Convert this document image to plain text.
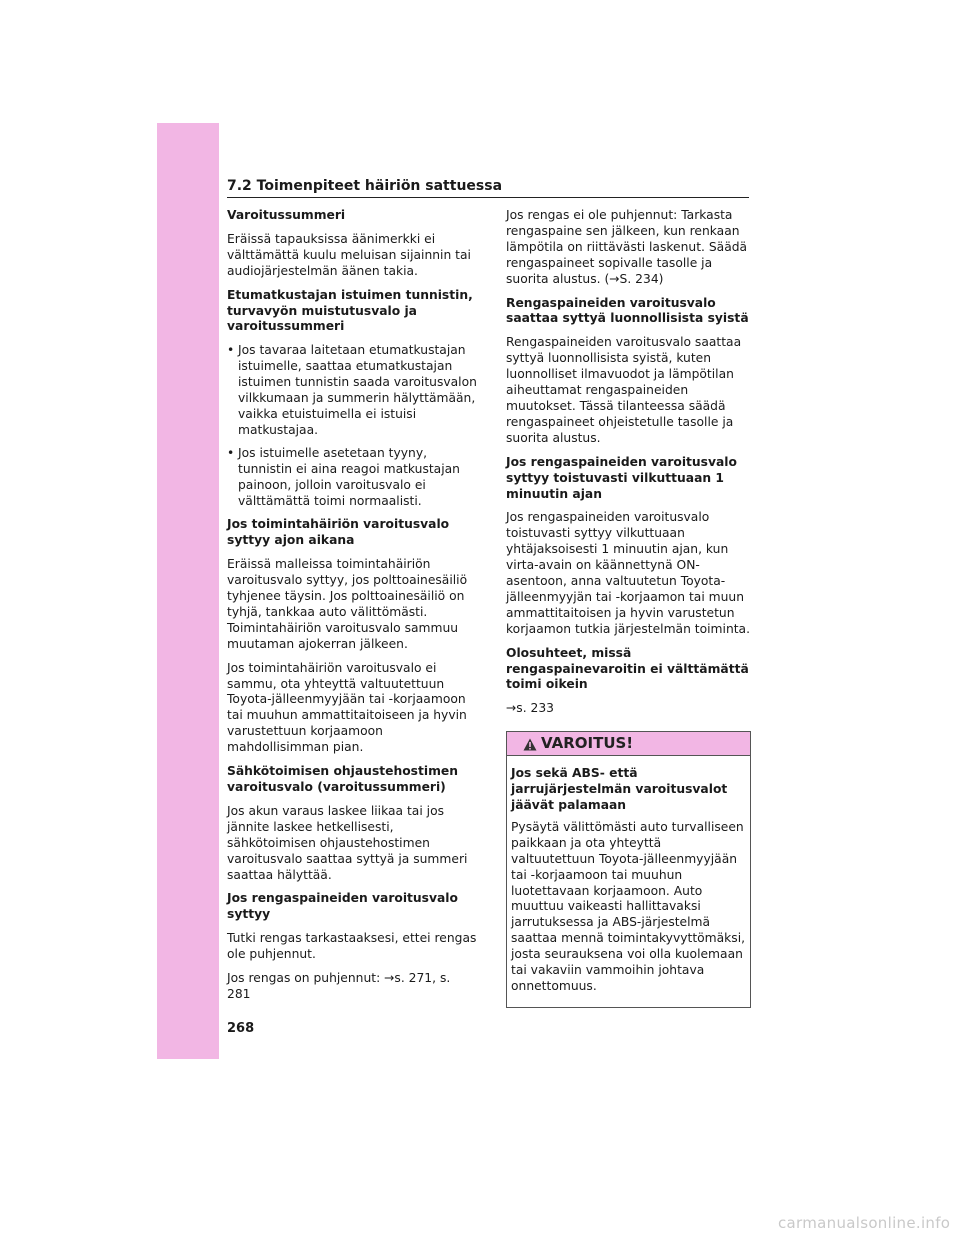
7.2 Toimenpiteet häiriön sattuessa

Varoitussummeri

Eräissä tapauksissa äänimerkki ei välttämättä kuulu meluisan sijainnin tai audiojärjestelmän äänen takia.

Etumatkustajan istuimen tunnistin, turvavyön muistutusvalo ja varoitussummeri

• Jos tavaraa laitetaan etumatkustajan istuimelle, saattaa etumatkustajan istuimen tunnistin saada varoitusvalon vilkkumaan ja summerin hälyttämään, vaikka etuistuimella ei istuisi matkustajaa.
• Jos istuimelle asetetaan tyyny, tunnistin ei aina reagoi matkustajan painoon, jolloin varoitusvalo ei välttämättä toimi normaalisti.

Jos toimintahäiriön varoitusvalo syttyy ajon aikana

Eräissä malleissa toimintahäiriön varoitusvalo syttyy, jos polttoainesäiliö tyhjenee täysin. Jos polttoainesäiliö on tyhjä, tankkaa auto välittömästi. Toimintahäiriön varoitusvalo sammuu muutaman ajokerran jälkeen.

Jos toimintahäiriön varoitusvalo ei sammu, ota yhteyttä valtuutettuun Toyota-jälleenmyyjään tai -korjaamoon tai muuhun ammattitaitoiseen ja hyvin varustettuun korjaamoon mahdollisimman pian.

Sähkötoimisen ohjaustehostimen varoitusvalo (varoitussummeri)

Jos akun varaus laskee liikaa tai jos jännite laskee hetkellisesti, sähkötoimisen ohjaustehostimen varoitusvalo saattaa syttyä ja summeri saattaa hälyttää.

Jos rengaspaineiden varoitusvalo syttyy

Tutki rengas tarkastaaksesi, ettei rengas ole puhjennut.

Jos rengas on puhjennut: →s. 271, s. 281

Jos rengas ei ole puhjennut: Tarkasta rengaspaine sen jälkeen, kun renkaan lämpötila on riittävästi laskenut. Säädä rengaspaineet sopivalle tasolle ja suorita alustus. (→S. 234)

Rengaspaineiden varoitusvalo saattaa syttyä luonnollisista syistä

Rengaspaineiden varoitusvalo saattaa syttyä luonnollisista syistä, kuten luonnolliset ilmavuodot ja lämpötilan aiheuttamat rengaspaineiden muutokset. Tässä tilanteessa säädä rengaspaineet ohjeistetulle tasolle ja suorita alustus.

Jos rengaspaineiden varoitusvalo syttyy toistuvasti vilkuttuaan 1 minuutin ajan

Jos rengaspaineiden varoitusvalo toistuvasti syttyy vilkuttuaan yhtäjaksoisesti 1 minuutin ajan, kun virta-avain on käännettynä ON-asentoon, anna valtuutetun Toyota-jälleenmyyjän tai -korjaamon tai muun ammattitaitoisen ja hyvin varustetun korjaamon tutkia järjestelmän toiminta.

Olosuhteet, missä rengaspainevaroitin ei välttämättä toimi oikein

→s. 233

VAROITUS!

Jos sekä ABS- että jarrujärjestelmän varoitusvalot jäävät palamaan

Pysäytä välittömästi auto turvalliseen paikkaan ja ota yhteyttä valtuutettuun Toyota-jälleenmyyjään tai -korjaamoon tai muuhun luotettavaan korjaamoon. Auto muuttuu vaikeasti hallittavaksi jarrutuksessa ja ABS-järjestelmä saattaa mennä toimintakyvyttömäksi, josta seurauksena voi olla kuolemaan tai vakaviin vammoihin johtava onnettomuus.

268
carmanualsonline.info
